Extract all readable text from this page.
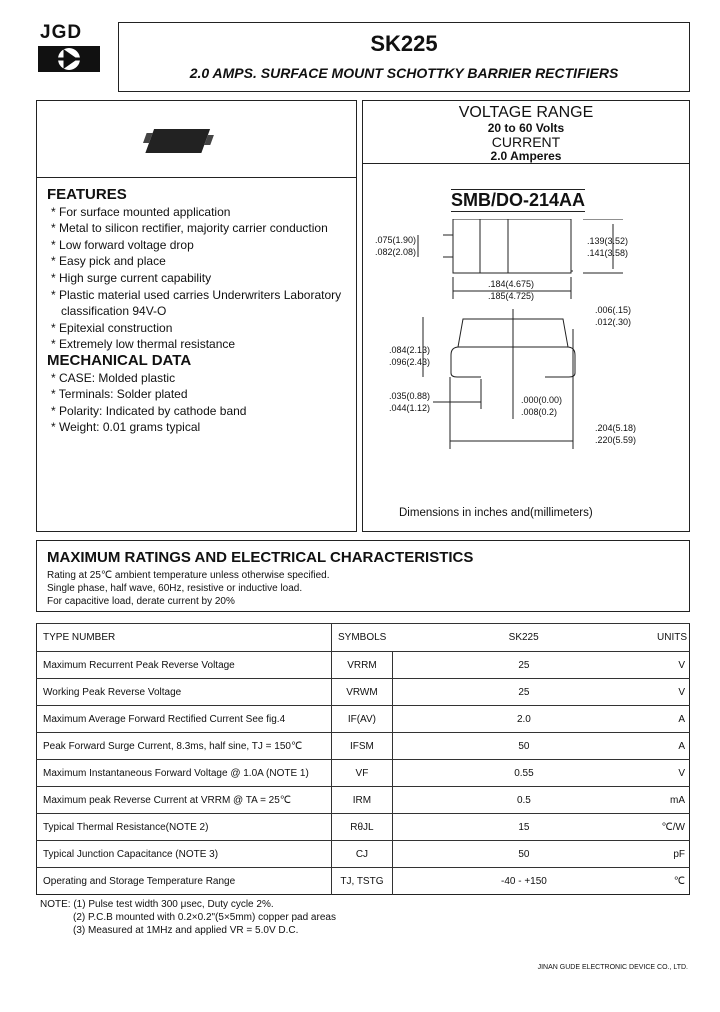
JGD	SK225
2.0 AMPS. SURFACE MOUNT SCHOTTKY BARRIER RECTIFIERS
FEATURES
* For surface mounted application
* Metal to silicon rectifier, majority carrier conduction
* Low forward voltage drop
* Easy pick and place
* High surge current capability
* Plastic material used carries Underwriters Laboratory classification 94V-O
* Epitexial construction
* Extremely low thermal resistance
MECHANICAL DATA
* CASE: Molded plastic
* Terminals: Solder plated
* Polarity: Indicated by cathode band
* Weight: 0.01 grams typical
VOLTAGE RANGE
20 to 60 Volts
CURRENT
2.0 Amperes
SMB/DO-214AA
.075(1.90)
.082(2.08)
.139(3.52)
.141(3.58)
.184(4.675)
.185(4.725)
.006(.15)
.012(.30)
.084(2.13)
.096(2.43)
.035(0.88)
.044(1.12)
.000(0.00)
.008(0.2)
.204(5.18)
.220(5.59)
Dimensions in inches and(millimeters)
MAXIMUM RATINGS AND ELECTRICAL CHARACTERISTICS
Rating at 25℃ ambient temperature unless otherwise specified.
Single phase, half wave, 60Hz, resistive or inductive load.
For capacitive load, derate current by 20%
TYPE NUMBER	SYMBOLS	SK225	UNITS
Maximum Recurrent Peak Reverse Voltage	VRRM	25	V
Working Peak Reverse Voltage	VRWM	25	V
Maximum Average Forward Rectified Current See fig.4	IF(AV)	2.0	A
Peak Forward Surge Current, 8.3ms, half sine, TJ = 150℃	IFSM	50	A
Maximum Instantaneous Forward Voltage @ 1.0A (NOTE 1)	VF	0.55	V
Maximum peak Reverse Current at VRRM @ TA = 25℃	IRM	0.5	mA
Typical Thermal Resistance(NOTE 2)	RθJL	15	℃/W
Typical Junction Capacitance (NOTE 3)	CJ	50	pF
Operating and Storage Temperature Range	TJ, TSTG	-40 - +150	℃
NOTE: (1) Pulse test width 300 μsec, Duty cycle 2%.
(2) P.C.B mounted with 0.2×0.2"(5×5mm) copper pad areas
(3) Measured at 1MHz and applied VR = 5.0V D.C.
JINAN GUDE ELECTRONIC DEVICE CO., LTD.
